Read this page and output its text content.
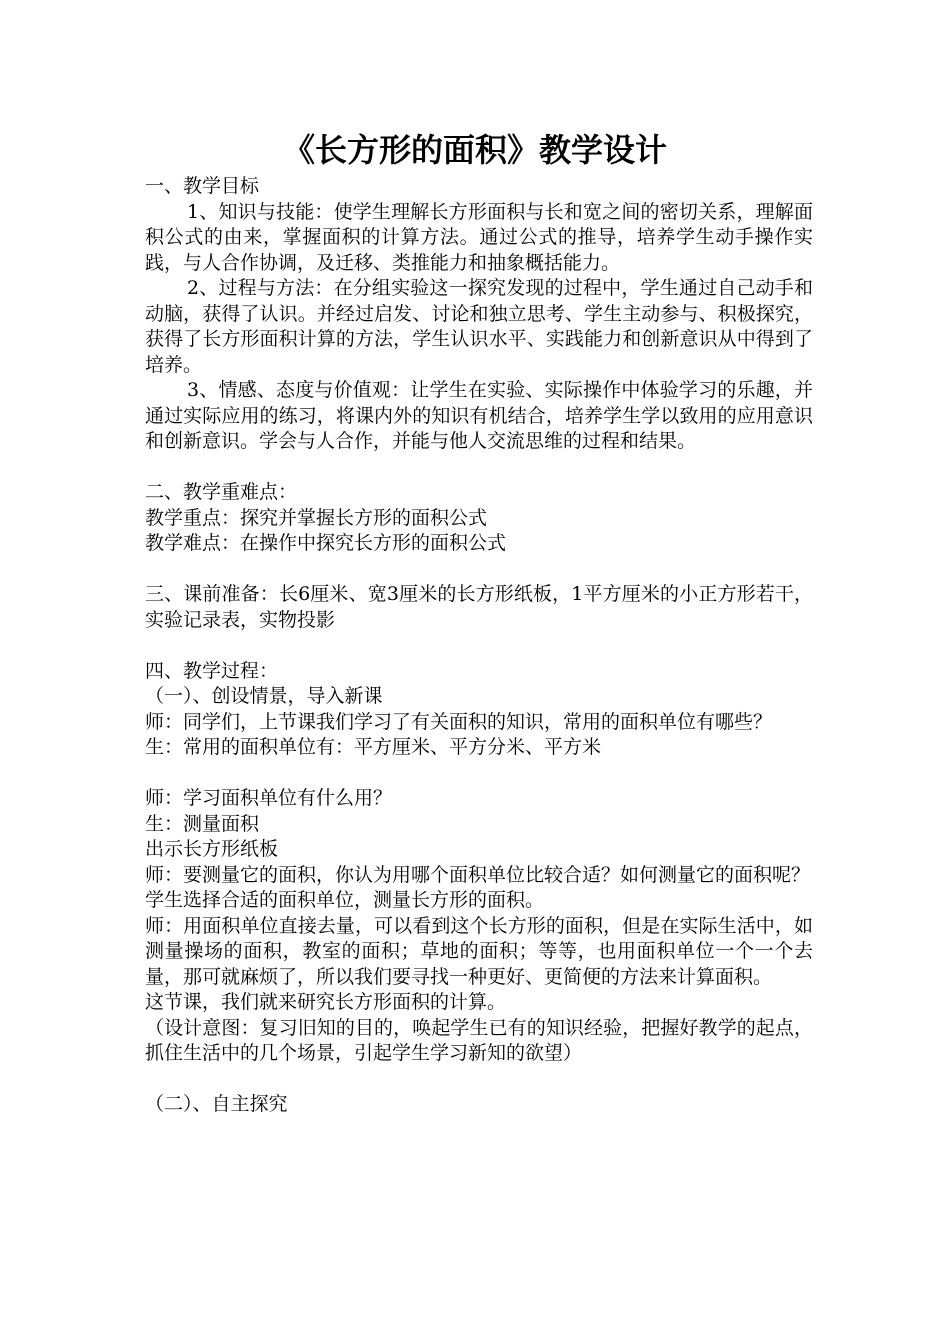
《长方形的面积》教学设计

一、教学目标

1、知识与技能：使学生理解长方形面积与长和宽之间的密切关系，理解面积公式的由来，掌握面积的计算方法。通过公式的推导，培养学生动手操作实践，与人合作协调，及迁移、类推能力和抽象概括能力。

2、过程与方法：在分组实验这一探究发现的过程中，学生通过自己动手和动脑，获得了认识。并经过启发、讨论和独立思考、学生主动参与、积极探究，获得了长方形面积计算的方法，学生认识水平、实践能力和创新意识从中得到了培养。

3、情感、态度与价值观：让学生在实验、实际操作中体验学习的乐趣，并通过实际应用的练习，将课内外的知识有机结合，培养学生学以致用的应用意识和创新意识。学会与人合作，并能与他人交流思维的过程和结果。

二、教学重难点：

教学重点：探究并掌握长方形的面积公式

教学难点：在操作中探究长方形的面积公式

三、课前准备：长6厘米、宽3厘米的长方形纸板，1平方厘米的小正方形若干，实验记录表，实物投影

四、教学过程：

（一）、创设情景，导入新课

师：同学们，上节课我们学习了有关面积的知识，常用的面积单位有哪些？

生：常用的面积单位有：平方厘米、平方分米、平方米

师：学习面积单位有什么用？

生：测量面积

出示长方形纸板

师：要测量它的面积，你认为用哪个面积单位比较合适？如何测量它的面积呢？

学生选择合适的面积单位，测量长方形的面积。

师：用面积单位直接去量，可以看到这个长方形的面积，但是在实际生活中，如测量操场的面积，教室的面积；草地的面积；等等，也用面积单位一个一个去量，那可就麻烦了，所以我们要寻找一种更好、更简便的方法来计算面积。

这节课，我们就来研究长方形面积的计算。

（设计意图：复习旧知的目的，唤起学生已有的知识经验，把握好教学的起点，抓住生活中的几个场景，引起学生学习新知的欲望）

（二）、自主探究
